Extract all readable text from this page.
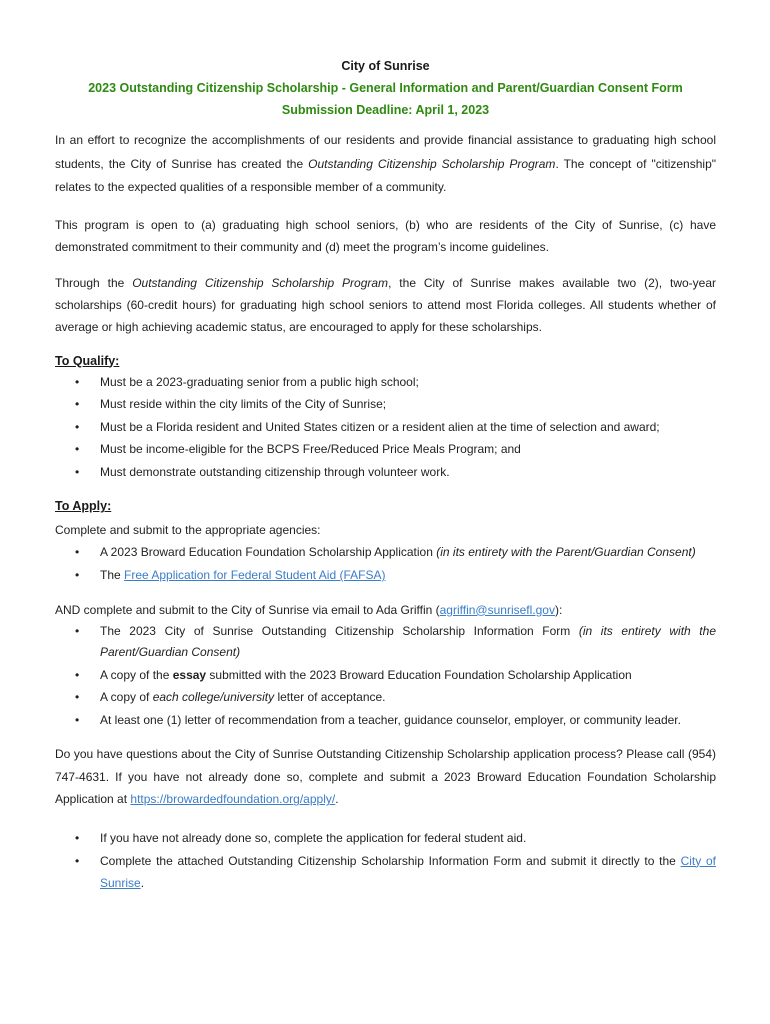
City of Sunrise
2023 Outstanding Citizenship Scholarship - General Information and Parent/Guardian Consent Form
Submission Deadline: April 1, 2023

In an effort to recognize the accomplishments of our residents and provide financial assistance to graduating high school students, the City of Sunrise has created the Outstanding Citizenship Scholarship Program. The concept of "citizenship" relates to the expected qualities of a responsible member of a community.

This program is open to (a) graduating high school seniors, (b) who are residents of the City of Sunrise, (c) have demonstrated commitment to their community and (d) meet the program’s income guidelines.

Through the Outstanding Citizenship Scholarship Program, the City of Sunrise makes available two (2), two-year scholarships (60-credit hours) for graduating high school seniors to attend most Florida colleges. All students whether of average or high achieving academic status, are encouraged to apply for these scholarships.

To Qualify:
• Must be a 2023-graduating senior from a public high school;
• Must reside within the city limits of the City of Sunrise;
• Must be a Florida resident and United States citizen or a resident alien at the time of selection and award;
• Must be income-eligible for the BCPS Free/Reduced Price Meals Program; and
• Must demonstrate outstanding citizenship through volunteer work.
To Apply:
Complete and submit to the appropriate agencies:
• A 2023 Broward Education Foundation Scholarship Application (in its entirety with the Parent/Guardian Consent)
• The Free Application for Federal Student Aid (FAFSA)
AND complete and submit to the City of Sunrise via email to Ada Griffin (agriffin@sunrisefl.gov):
• The 2023 City of Sunrise Outstanding Citizenship Scholarship Information Form (in its entirety with the Parent/Guardian Consent)
• A copy of the essay submitted with the 2023 Broward Education Foundation Scholarship Application
• A copy of each college/university letter of acceptance.
• At least one (1) letter of recommendation from a teacher, guidance counselor, employer, or community leader.

Do you have questions about the City of Sunrise Outstanding Citizenship Scholarship application process? Please call (954) 747-4631. If you have not already done so, complete and submit a 2023 Broward Education Foundation Scholarship Application at https://browardedfoundation.org/apply/.

• If you have not already done so, complete the application for federal student aid.
• Complete the attached Outstanding Citizenship Scholarship Information Form and submit it directly to the City of Sunrise.
